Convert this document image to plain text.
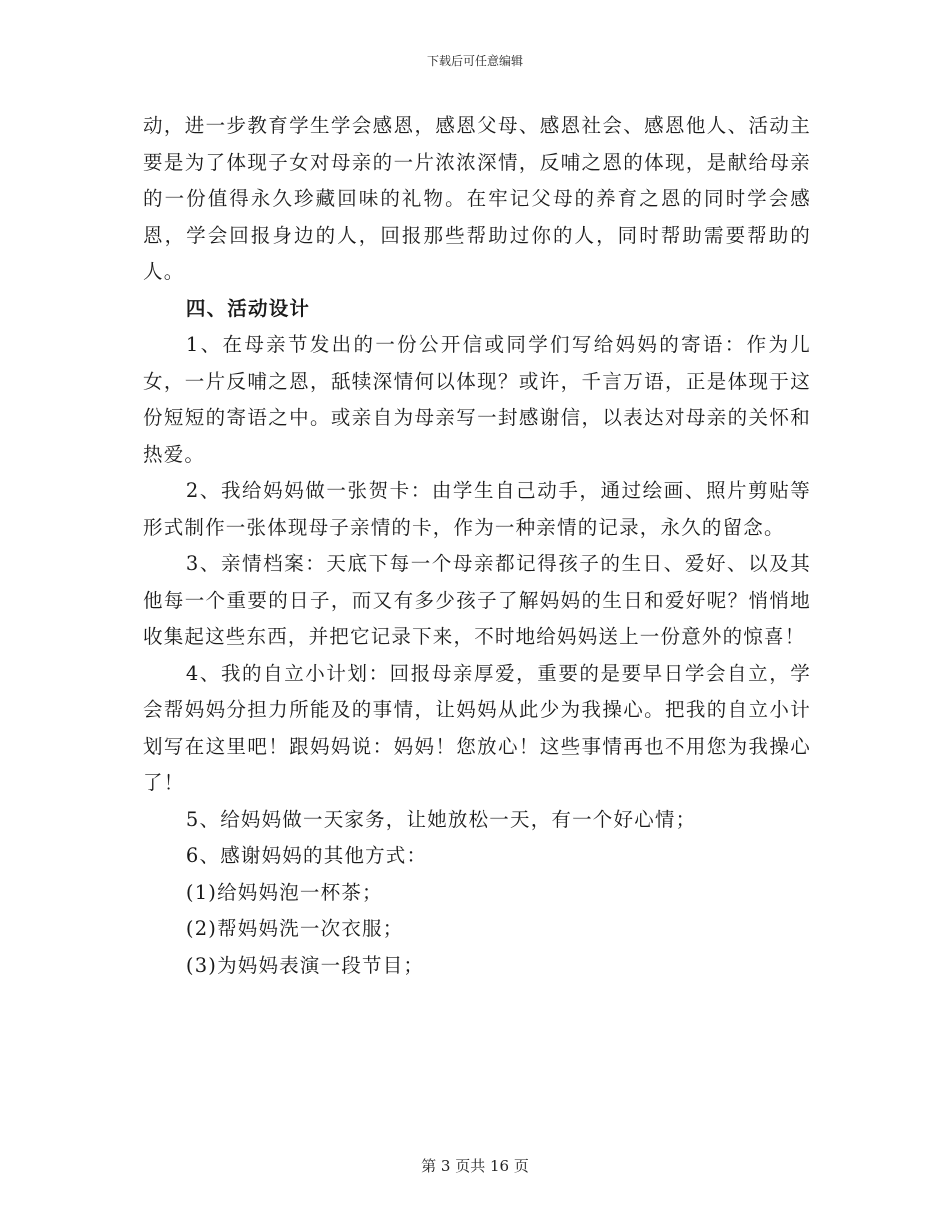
下载后可任意编辑

动，进一步教育学生学会感恩，感恩父母、感恩社会、感恩他人、活动主要是为了体现子女对母亲的一片浓浓深情，反哺之恩的体现，是献给母亲的一份值得永久珍藏回味的礼物。在牢记父母的养育之恩的同时学会感恩，学会回报身边的人，回报那些帮助过你的人，同时帮助需要帮助的人。

四、活动设计

1、在母亲节发出的一份公开信或同学们写给妈妈的寄语：作为儿女，一片反哺之恩，舐犊深情何以体现？或许，千言万语，正是体现于这份短短的寄语之中。或亲自为母亲写一封感谢信，以表达对母亲的关怀和热爱。

2、我给妈妈做一张贺卡：由学生自己动手，通过绘画、照片剪贴等形式制作一张体现母子亲情的卡，作为一种亲情的记录，永久的留念。

3、亲情档案：天底下每一个母亲都记得孩子的生日、爱好、以及其他每一个重要的日子，而又有多少孩子了解妈妈的生日和爱好呢？悄悄地收集起这些东西，并把它记录下来，不时地给妈妈送上一份意外的惊喜！

4、我的自立小计划：回报母亲厚爱，重要的是要早日学会自立，学会帮妈妈分担力所能及的事情，让妈妈从此少为我操心。把我的自立小计划写在这里吧！跟妈妈说：妈妈！您放心！这些事情再也不用您为我操心了！

5、给妈妈做一天家务，让她放松一天，有一个好心情；

6、感谢妈妈的其他方式：

(1)给妈妈泡一杯茶；

(2)帮妈妈洗一次衣服；

(3)为妈妈表演一段节目；

第 3 页共 16 页
